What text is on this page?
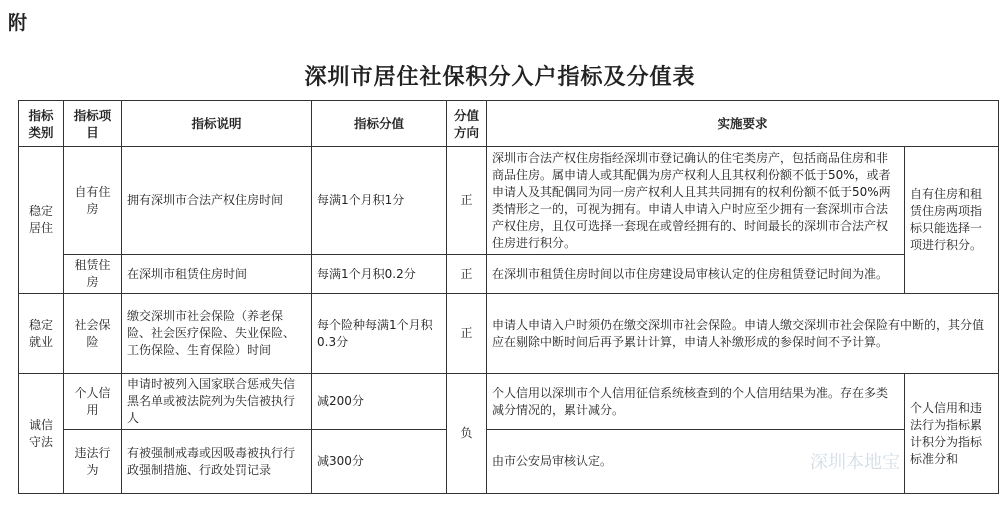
附
深圳市居住社保积分入户指标及分值表
指标类别	指标项目	指标说明	指标分值	分值方向	实施要求	
稳定居住	自有住房	拥有深圳市合法产权住房时间	每满1个月积1分	正	深圳市合法产权住房指经深圳市登记确认的住宅类房产，包括商品住房和非商品住房。属申请人或其配偶为房产权利人且其权利份额不低于50%，或者申请人及其配偶同为同一房产权利人且其共同拥有的权利份额不低于50%两类情形之一的，可视为拥有。申请人申请入户时应至少拥有一套深圳市合法产权住房，且仅可选择一套现在或曾经拥有的、时间最长的深圳市合法产权住房进行积分。	自有住房和租赁住房两项指标只能选择一项进行积分。
	租赁住房	在深圳市租赁住房时间	每满1个月积0.2分	正	在深圳市租赁住房时间以市住房建设局审核认定的住房租赁登记时间为准。	
稳定就业	社会保险	缴交深圳市社会保险（养老保险、社会医疗保险、失业保险、工伤保险、生育保险）时间	每个险种每满1个月积0.3分	正	申请人申请入户时须仍在缴交深圳市社会保险。申请人缴交深圳市社会保险有中断的，其分值应在剔除中断时间后再予累计计算，申请人补缴形成的参保时间不予计算。	
诚信守法	个人信用	申请时被列入国家联合惩戒失信黑名单或被法院列为失信被执行人	减200分	负	个人信用以深圳市个人信用征信系统核查到的个人信用结果为准。存在多类减分情况的，累计减分。	个人信用和违法行为指标累计积分为指标标准分和
	违法行为	有被强制戒毒或因吸毒被执行行政强制措施、行政处罚记录	减300分		由市公安局审核认定。		深圳本地宝
